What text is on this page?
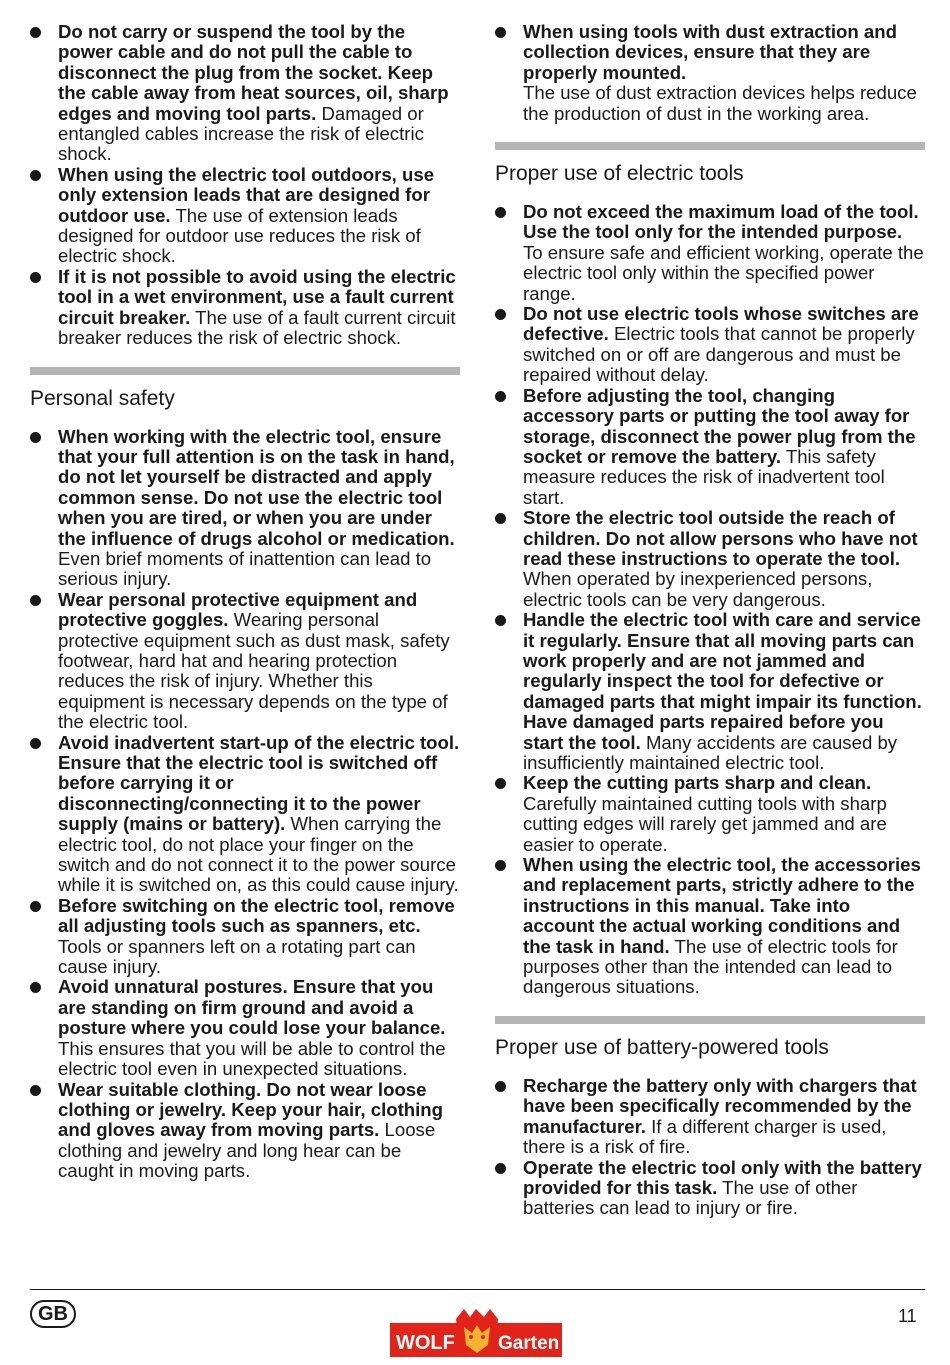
Do not carry or suspend the tool by the power cable and do not pull the cable to disconnect the plug from the socket. Keep the cable away from heat sources, oil, sharp edges and moving tool parts. Damaged or entangled cables increase the risk of electric shock.
When using the electric tool outdoors, use only extension leads that are designed for outdoor use. The use of extension leads designed for outdoor use reduces the risk of electric shock.
If it is not possible to avoid using the electric tool in a wet environment, use a fault current circuit breaker. The use of a fault current circuit breaker reduces the risk of electric shock.
Personal safety
When working with the electric tool, ensure that your full attention is on the task in hand, do not let yourself be distracted and apply common sense. Do not use the electric tool when you are tired, or when you are under the influence of drugs alcohol or medication. Even brief moments of inattention can lead to serious injury.
Wear personal protective equipment and protective goggles. Wearing personal protective equipment such as dust mask, safety footwear, hard hat and hearing protection reduces the risk of injury. Whether this equipment is necessary depends on the type of the electric tool.
Avoid inadvertent start-up of the electric tool. Ensure that the electric tool is switched off before carrying it or disconnecting/connecting it to the power supply (mains or battery). When carrying the electric tool, do not place your finger on the switch and do not connect it to the power source while it is switched on, as this could cause injury.
Before switching on the electric tool, remove all adjusting tools such as spanners, etc. Tools or spanners left on a rotating part can cause injury.
Avoid unnatural postures. Ensure that you are standing on firm ground and avoid a posture where you could lose your balance.
This ensures that you will be able to control the electric tool even in unexpected situations.
Wear suitable clothing. Do not wear loose clothing or jewelry. Keep your hair, clothing and gloves away from moving parts. Loose clothing and jewelry and long hear can be caught in moving parts.
When using tools with dust extraction and collection devices, ensure that they are properly mounted.
The use of dust extraction devices helps reduce the production of dust in the working area.
Proper use of electric tools
Do not exceed the maximum load of the tool. Use the tool only for the intended purpose. To ensure safe and efficient working, operate the electric tool only within the specified power range.
Do not use electric tools whose switches are defective. Electric tools that cannot be properly switched on or off are dangerous and must be repaired without delay.
Before adjusting the tool, changing accessory parts or putting the tool away for storage, disconnect the power plug from the socket or remove the battery. This safety measure reduces the risk of inadvertent tool start.
Store the electric tool outside the reach of children. Do not allow persons who have not read these instructions to operate the tool. When operated by inexperienced persons, electric tools can be very dangerous.
Handle the electric tool with care and service it regularly. Ensure that all moving parts can work properly and are not jammed and regularly inspect the tool for defective or damaged parts that might impair its function. Have damaged parts repaired before you start the tool. Many accidents are caused by insufficiently maintained electric tool.
Keep the cutting parts sharp and clean.
Carefully maintained cutting tools with sharp cutting edges will rarely get jammed and are easier to operate.
When using the electric tool, the accessories and replacement parts, strictly adhere to the instructions in this manual. Take into account the actual working conditions and the task in hand. The use of electric tools for purposes other than the intended can lead to dangerous situations.
Proper use of battery-powered tools
Recharge the battery only with chargers that have been specifically recommended by the manufacturer. If a different charger is used, there is a risk of fire.
Operate the electric tool only with the battery provided for this task. The use of other batteries can lead to injury or fire.
GB	11
WOLF Garten
